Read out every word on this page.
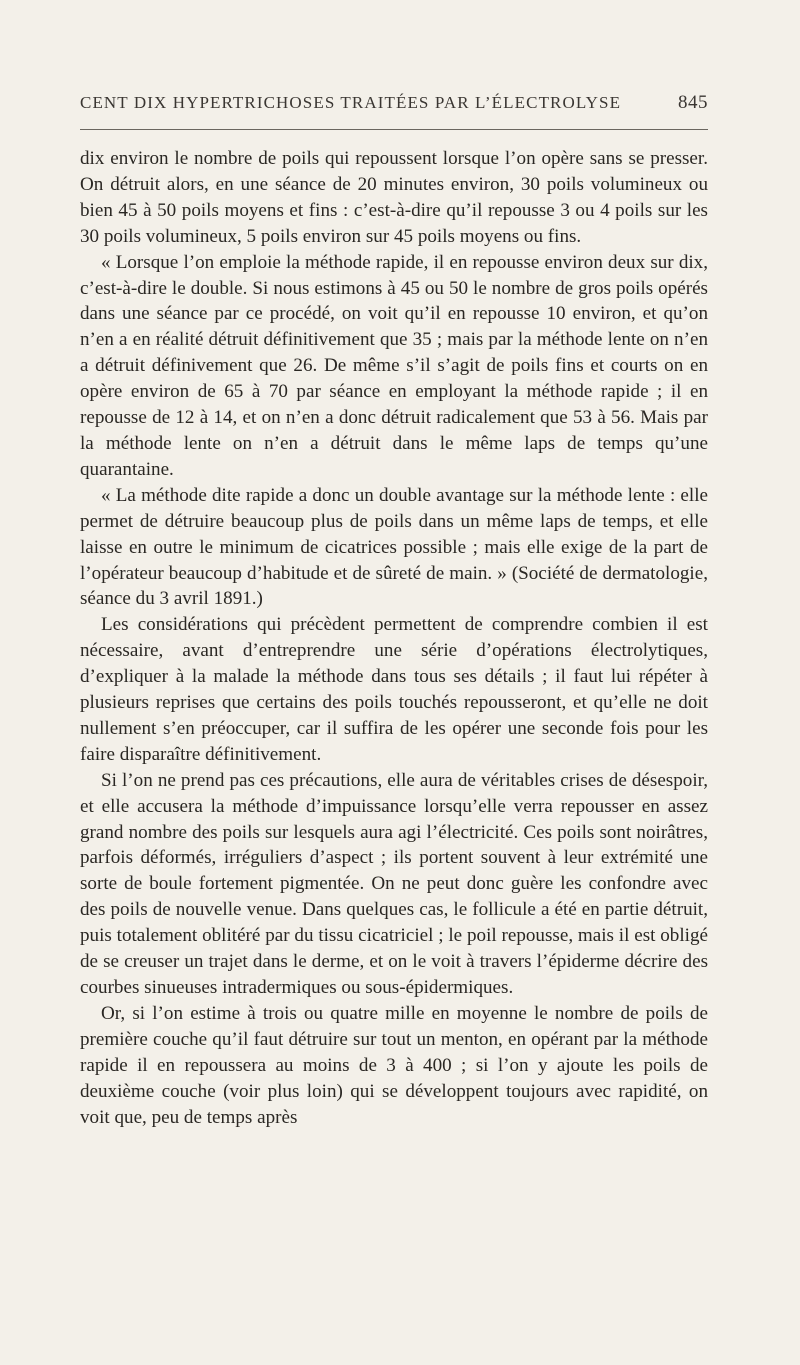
CENT DIX HYPERTRICHOSES TRAITÉES PAR L’ÉLECTROLYSE	845

dix environ le nombre de poils qui repoussent lorsque l’on opère sans se presser. On détruit alors, en une séance de 20 minutes environ, 30 poils volumineux ou bien 45 à 50 poils moyens et fins : c’est-à-dire qu’il repousse 3 ou 4 poils sur les 30 poils volumineux, 5 poils environ sur 45 poils moyens ou fins.

« Lorsque l’on emploie la méthode rapide, il en repousse environ deux sur dix, c’est-à-dire le double. Si nous estimons à 45 ou 50 le nombre de gros poils opérés dans une séance par ce procédé, on voit qu’il en repousse 10 environ, et qu’on n’en a en réalité détruit définitivement que 35 ; mais par la méthode lente on n’en a détruit définivement que 26. De même s’il s’agit de poils fins et courts on en opère environ de 65 à 70 par séance en employant la méthode rapide ; il en repousse de 12 à 14, et on n’en a donc détruit radicalement que 53 à 56. Mais par la méthode lente on n’en a détruit dans le même laps de temps qu’une quarantaine.

« La méthode dite rapide a donc un double avantage sur la méthode lente : elle permet de détruire beaucoup plus de poils dans un même laps de temps, et elle laisse en outre le minimum de cicatrices possible ; mais elle exige de la part de l’opérateur beaucoup d’habitude et de sûreté de main. » (Société de dermatologie, séance du 3 avril 1891.)

Les considérations qui précèdent permettent de comprendre combien il est nécessaire, avant d’entreprendre une série d’opérations électrolytiques, d’expliquer à la malade la méthode dans tous ses détails ; il faut lui répéter à plusieurs reprises que certains des poils touchés repousseront, et qu’elle ne doit nullement s’en préoccuper, car il suffira de les opérer une seconde fois pour les faire disparaître définitivement.

Si l’on ne prend pas ces précautions, elle aura de véritables crises de désespoir, et elle accusera la méthode d’impuissance lorsqu’elle verra repousser en assez grand nombre des poils sur lesquels aura agi l’électricité. Ces poils sont noirâtres, parfois déformés, irréguliers d’aspect ; ils portent souvent à leur extrémité une sorte de boule fortement pigmentée. On ne peut donc guère les confondre avec des poils de nouvelle venue. Dans quelques cas, le follicule a été en partie détruit, puis totalement oblitéré par du tissu cicatriciel ; le poil repousse, mais il est obligé de se creuser un trajet dans le derme, et on le voit à travers l’épiderme décrire des courbes sinueuses intradermiques ou sous-épidermiques.

Or, si l’on estime à trois ou quatre mille en moyenne le nombre de poils de première couche qu’il faut détruire sur tout un menton, en opérant par la méthode rapide il en repoussera au moins de 3 à 400 ; si l’on y ajoute les poils de deuxième couche (voir plus loin) qui se développent toujours avec rapidité, on voit que, peu de temps après
